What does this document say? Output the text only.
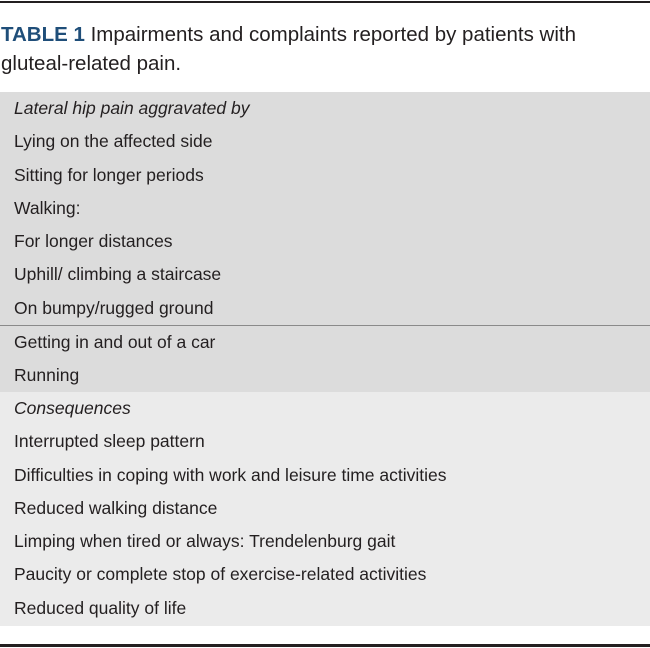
TABLE 1 Impairments and complaints reported by patients with gluteal-related pain.
Lateral hip pain aggravated by
Lying on the affected side
Sitting for longer periods
Walking:
For longer distances
Uphill/ climbing a staircase
On bumpy/rugged ground
Getting in and out of a car
Running
Consequences
Interrupted sleep pattern
Difficulties in coping with work and leisure time activities
Reduced walking distance
Limping when tired or always: Trendelenburg gait
Paucity or complete stop of exercise-related activities
Reduced quality of life
